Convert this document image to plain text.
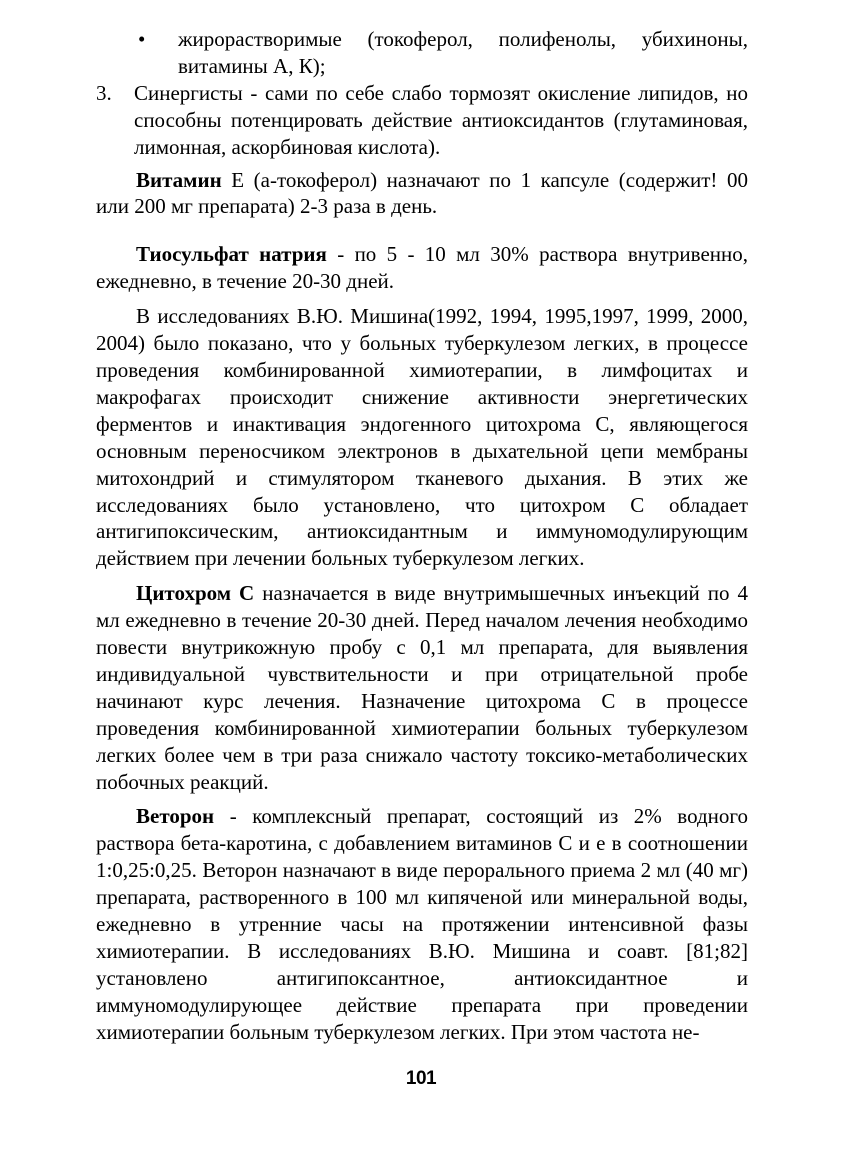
• жирорастворимые (токоферол, полифенолы, убихиноны, витамины А, К);
3. Синергисты - сами по себе слабо тормозят окисление липидов, но способны потенцировать действие антиоксидантов (глутаминовая, лимонная, аскорбиновая кислота).

Витамин Е (а-токоферол) назначают по 1 капсуле (содержит! 00 или 200 мг препарата) 2-3 раза в день.

Тиосульфат натрия - по 5 - 10 мл 30% раствора внутривенно, ежедневно, в течение 20-30 дней.

В исследованиях В.Ю. Мишина(1992, 1994, 1995,1997, 1999, 2000, 2004) было показано, что у больных туберкулезом легких, в процессе проведения комбинированной химиотерапии, в лимфоцитах и макрофагах происходит снижение активности энергетических ферментов и инактивация эндогенного цитохрома С, являющегося основным переносчиком электронов в дыхательной цепи мембраны митохондрий и стимулятором тканевого дыхания. В этих же исследованиях было установлено, что цитохром С обладает антигипоксическим, антиоксидантным и иммуномодулирующим действием при лечении больных туберкулезом легких.

Цитохром С назначается в виде внутримышечных инъекций по 4 мл ежедневно в течение 20-30 дней. Перед началом лечения необходимо повести внутрикожную пробу с 0,1 мл препарата, для выявления индивидуальной чувствительности и при отрицательной пробе начинают курс лечения. Назначение цитохрома С в процессе проведения комбинированной химиотерапии больных туберкулезом легких более чем в три раза снижало частоту токсико-метаболических побочных реакций.

Веторон - комплексный препарат, состоящий из 2% водного раствора бета-каротина, с добавлением витаминов С и е в соотношении 1:0,25:0,25. Веторон назначают в виде перорального приема 2 мл (40 мг) препарата, растворенного в 100 мл кипяченой или минеральной воды, ежедневно в утренние часы на протяжении интенсивной фазы химиотерапии. В исследованиях В.Ю. Мишина и соавт. [81;82] установлено антигипоксантное, антиоксидантное и иммуномодулирующее действие препарата при проведении химиотерапии больным туберкулезом легких. При этом частота не-

101
